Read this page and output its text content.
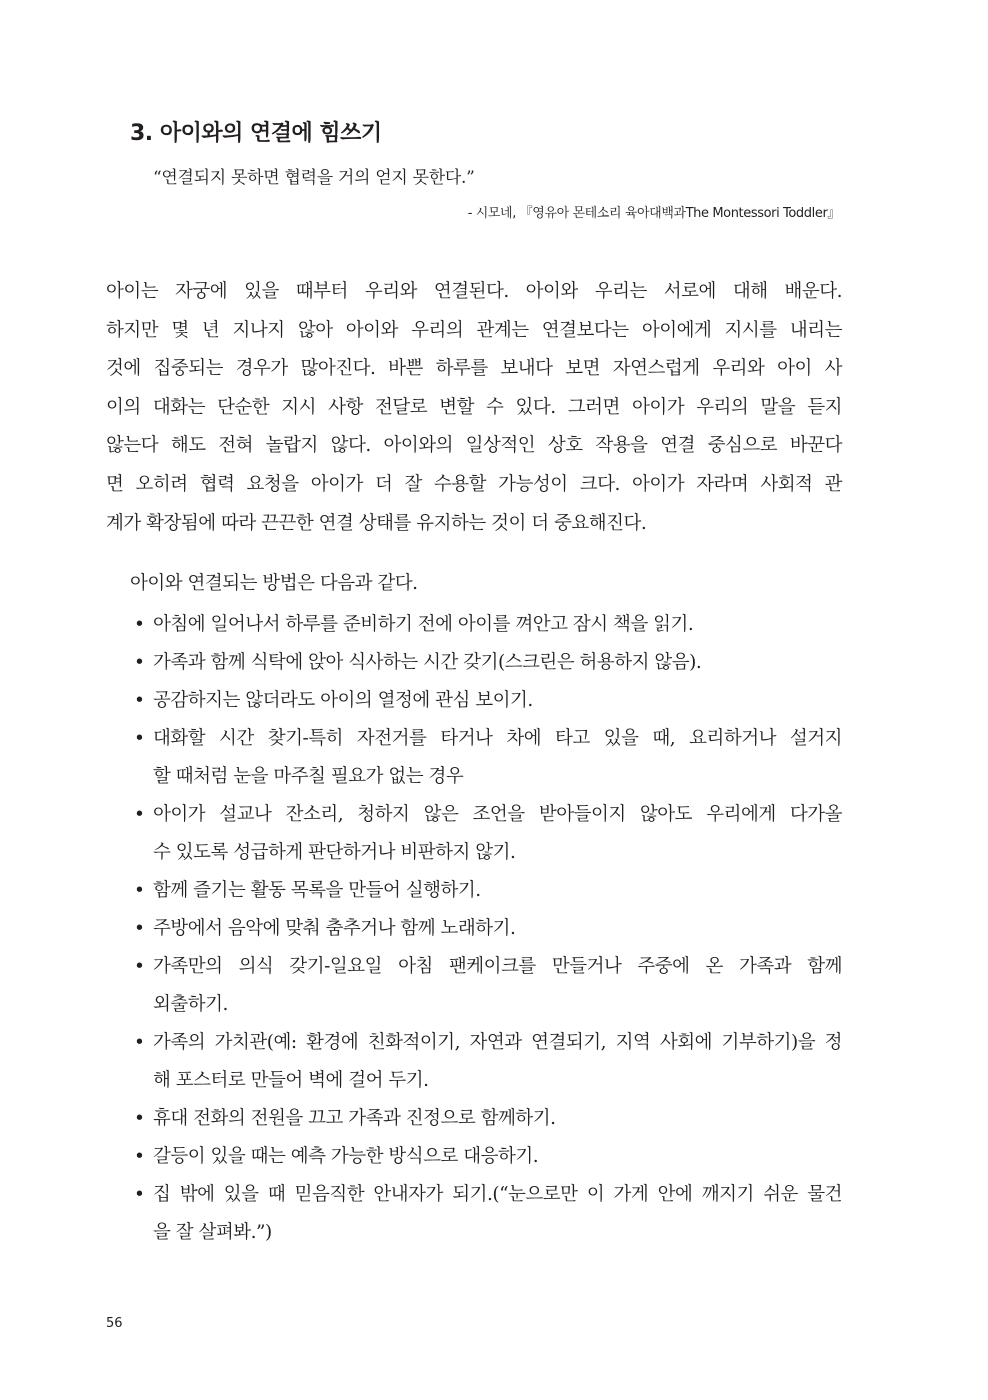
3. 아이와의 연결에 힘쓰기
“연결되지 못하면 협력을 거의 얻지 못한다.”
- 시모네, 『영유아 몬테소리 육아대백과The Montessori Toddler』
아이는 자궁에 있을 때부터 우리와 연결된다. 아이와 우리는 서로에 대해 배운다.
하지만 몇 년 지나지 않아 아이와 우리의 관계는 연결보다는 아이에게 지시를 내리는
것에 집중되는 경우가 많아진다. 바쁜 하루를 보내다 보면 자연스럽게 우리와 아이 사
이의 대화는 단순한 지시 사항 전달로 변할 수 있다. 그러면 아이가 우리의 말을 듣지
않는다 해도 전혀 놀랍지 않다. 아이와의 일상적인 상호 작용을 연결 중심으로 바꾼다
면 오히려 협력 요청을 아이가 더 잘 수용할 가능성이 크다. 아이가 자라며 사회적 관
계가 확장됨에 따라 끈끈한 연결 상태를 유지하는 것이 더 중요해진다.
아이와 연결되는 방법은 다음과 같다.
• 아침에 일어나서 하루를 준비하기 전에 아이를 껴안고 잠시 책을 읽기.
• 가족과 함께 식탁에 앉아 식사하는 시간 갖기(스크린은 허용하지 않음).
• 공감하지는 않더라도 아이의 열정에 관심 보이기.
• 대화할 시간 찾기-특히 자전거를 타거나 차에 타고 있을 때, 요리하거나 설거지
할 때처럼 눈을 마주칠 필요가 없는 경우
• 아이가 설교나 잔소리, 청하지 않은 조언을 받아들이지 않아도 우리에게 다가올
수 있도록 성급하게 판단하거나 비판하지 않기.
• 함께 즐기는 활동 목록을 만들어 실행하기.
• 주방에서 음악에 맞춰 춤추거나 함께 노래하기.
• 가족만의 의식 갖기-일요일 아침 팬케이크를 만들거나 주중에 온 가족과 함께
외출하기.
• 가족의 가치관(예: 환경에 친화적이기, 자연과 연결되기, 지역 사회에 기부하기)을 정
해 포스터로 만들어 벽에 걸어 두기.
• 휴대 전화의 전원을 끄고 가족과 진정으로 함께하기.
• 갈등이 있을 때는 예측 가능한 방식으로 대응하기.
• 집 밖에 있을 때 믿음직한 안내자가 되기.(“눈으로만 이 가게 안에 깨지기 쉬운 물건
을 잘 살펴봐.”)
56
